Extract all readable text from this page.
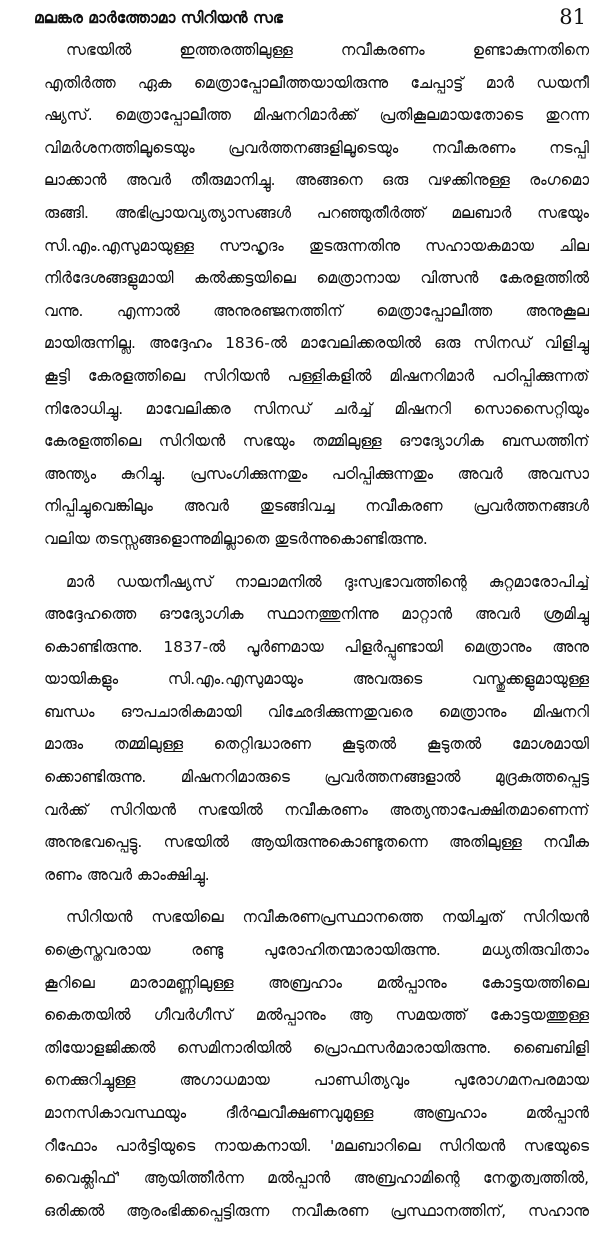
മലങ്കര മാർത്തോമാ സിറിയൻ സഭ	81
സഭയിൽ ഇത്തരത്തിലുള്ള നവീകരണം ഉണ്ടാകുന്നതിനെ
എതിർത്ത ഏക മെത്രാപ്പോലീത്തയായിരുന്നു ചേപ്പാട്ട് മാർ ഡയനീ
ഷ്യസ്. മെത്രാപ്പോലീത്ത മിഷനറിമാർക്ക് പ്രതികൂലമായതോടെ തുറന്ന
വിമർശനത്തിലൂടെയും പ്രവർത്തനങ്ങളിലൂടെയും നവീകരണം നടപ്പി
ലാക്കാൻ അവർ തീരുമാനിച്ചു. അങ്ങനെ ഒരു വഴക്കിനുള്ള രംഗമൊ
രുങ്ങി. അഭിപ്രായവ്യത്യാസങ്ങൾ പറഞ്ഞുതീർത്ത് മലബാർ സഭയും
സി.എം.എസുമായുള്ള സൗഹൃദം തുടരുന്നതിനു സഹായകമായ ചില
നിർദേശങ്ങളുമായി കൽക്കട്ടയിലെ മെത്രാനായ വിത്സൻ കേരളത്തിൽ
വന്നു. എന്നാൽ അനുരഞ്ജനത്തിന് മെത്രാപ്പോലീത്ത അനുകൂല
മായിരുന്നില്ല. അദ്ദേഹം 1836-ൽ മാവേലിക്കരയിൽ ഒരു സിനഡ് വിളിച്ചു
കൂട്ടി കേരളത്തിലെ സിറിയൻ പള്ളികളിൽ മിഷനറിമാർ പഠിപ്പിക്കുന്നത്
നിരോധിച്ചു. മാവേലിക്കര സിനഡ് ചർച്ച് മിഷനറി സൊസൈറ്റിയും
കേരളത്തിലെ സിറിയൻ സഭയും തമ്മിലുള്ള ഔദ്യോഗിക ബന്ധത്തിന്
അന്ത്യം കുറിച്ചു. പ്രസംഗിക്കുന്നതും പഠിപ്പിക്കുന്നതും അവർ അവസാ
നിപ്പിച്ചുവെങ്കിലും അവർ തുടങ്ങിവച്ച നവീകരണ പ്രവർത്തനങ്ങൾ
വലിയ തടസ്സങ്ങളൊന്നുമില്ലാതെ തുടർന്നുകൊണ്ടിരുന്നു.
മാർ ഡയനീഷ്യസ് നാലാമനിൽ ദുഃസ്വഭാവത്തിന്റെ കുറ്റമാരോപിച്ച്
അദ്ദേഹത്തെ ഔദ്യോഗിക സ്ഥാനത്തുനിന്നു മാറ്റാൻ അവർ ശ്രമിച്ചു
കൊണ്ടിരുന്നു. 1837-ൽ പൂർണമായ പിളർപ്പുണ്ടായി മെത്രാനും അനു
യായികളും സി.എം.എസുമായും അവരുടെ വസ്തുക്കളുമായുള്ള
ബന്ധം ഔപചാരികമായി വിഛേദിക്കുന്നതുവരെ മെത്രാനും മിഷനറി
മാരും തമ്മിലുള്ള തെറ്റിദ്ധാരണ കൂടുതൽ കൂടുതൽ മോശമായി
ക്കൊണ്ടിരുന്നു. മിഷനറിമാരുടെ പ്രവർത്തനങ്ങളാൽ മുദ്രകുത്തപ്പെട്ട
വർക്ക് സിറിയൻ സഭയിൽ നവീകരണം അത്യന്താപേക്ഷിതമാണെന്ന്
അനുഭവപ്പെട്ടു. സഭയിൽ ആയിരുന്നുകൊണ്ടുതന്നെ അതിലുള്ള നവീക
രണം അവർ കാംക്ഷിച്ചു.
സിറിയൻ സഭയിലെ നവീകരണപ്രസ്ഥാനത്തെ നയിച്ചത് സിറിയൻ
ക്രൈസ്തവരായ രണ്ടു പുരോഹിതന്മാരായിരുന്നു. മധ്യതിരുവിതാം
കൂറിലെ മാരാമണ്ണിലുള്ള അബ്രഹാം മൽപ്പാനും കോട്ടയത്തിലെ
കൈതയിൽ ഗീവർഗീസ് മൽപ്പാനും ആ സമയത്ത് കോട്ടയത്തുള്ള
തിയോളജിക്കൽ സെമിനാരിയിൽ പ്രൊഫസർമാരായിരുന്നു. ബൈബിളി
നെക്കുറിച്ചുള്ള അഗാധമായ പാണ്ഡിത്യവും പുരോഗമനപരമായ
മാനസികാവസ്ഥയും ദീർഘവീക്ഷണവുമുള്ള അബ്രഹാം മൽപ്പാൻ
റീഫോം പാർട്ടിയുടെ നായകനായി. 'മലബാറിലെ സിറിയൻ സഭയുടെ
വൈക്ലിഫ്' ആയിത്തീർന്ന മൽപ്പാൻ അബ്രഹാമിന്റെ നേതൃത്വത്തിൽ,
ഒരിക്കൽ ആരംഭിക്കപ്പെട്ടിരുന്ന നവീകരണ പ്രസ്ഥാനത്തിന്, സഹാനു
